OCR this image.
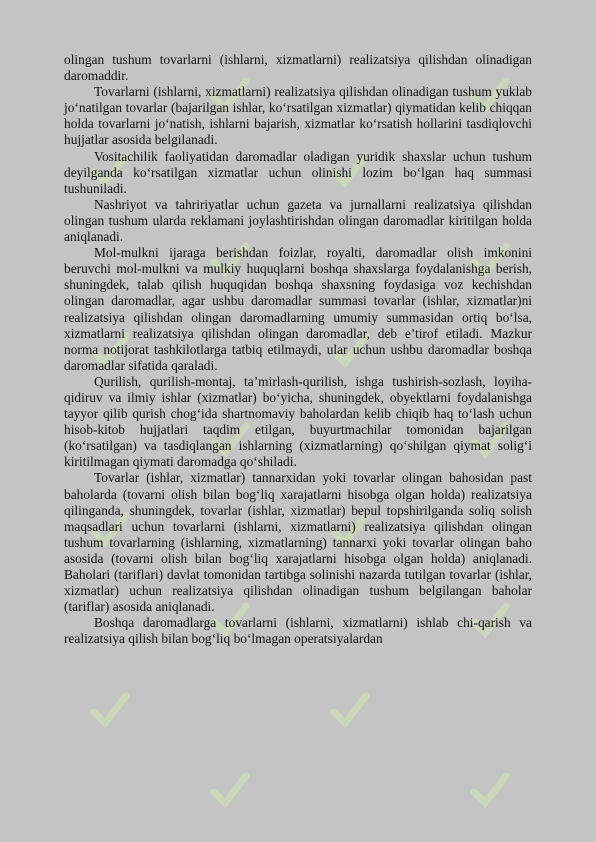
olingan tushum tovarlarni (ishlarni, xizmatlarni) realizatsiya qilishdan olinadigan daromaddir.

Tovarlarni (ishlarni, xizmatlarni) realizatsiya qilishdan olinadigan tushum yuklab jo‘natilgan tovarlar (bajarilgan ishlar, ko‘rsatilgan xizmatlar) qiymatidan kelib chiqqan holda tovarlarni jo‘natish, ishlarni bajarish, xizmatlar ko‘rsatish hollarini tasdiqlovchi hujjatlar asosida belgilanadi.

Vositachilik faoliyatidan daromadlar oladigan yuridik shaxslar uchun tushum deyilganda ko‘rsatilgan xizmatlar uchun olinishi lozim bo‘lgan haq summasi tushuniladi.

Nashriyot va tahririyatlar uchun gazeta va jurnallarni realizatsiya qilishdan olingan tushum ularda reklamani joylashtirishdan olingan daromadlar kiritilgan holda aniqlanadi.

Mol-mulkni ijaraga berishdan foizlar, royalti, daromadlar olish imkonini beruvchi mol-mulkni va mulkiy huquqlarni boshqa shaxslarga foydalanishga berish, shuningdek, talab qilish huquqidan boshqa shaxsning foydasiga voz kechishdan olingan daromadlar, agar ushbu daromadlar summasi tovarlar (ishlar, xizmatlar)ni realizatsiya qilishdan olingan daromadlarning umumiy summasidan ortiq bo‘lsa, xizmatlarni realizatsiya qilishdan olingan daromadlar, deb e’tirof etiladi. Mazkur norma notijorat tashkilotlarga tatbiq etilmaydi, ular uchun ushbu daromadlar boshqa daromadlar sifatida qaraladi.

Qurilish, qurilish-montaj, ta’mirlash-qurilish, ishga tushirish-sozlash, loyiha-qidiruv va ilmiy ishlar (xizmatlar) bo‘yicha, shuningdek, obyektlarni foydalanishga tayyor qilib qurish chog‘ida shartnomaviy baholardan kelib chiqib haq to‘lash uchun hisob-kitob hujjatlari taqdim etilgan, buyurtmachilar tomonidan bajarilgan (ko‘rsatilgan) va tasdiqlangan ishlarning (xizmatlarning) qo‘shilgan qiymat solig‘i kiritilmagan qiymati daromadga qo‘shiladi.

Tovarlar (ishlar, xizmatlar) tannarxidan yoki tovarlar olingan bahosidan past baholarda (tovarni olish bilan bog‘liq xarajatlarni hisobga olgan holda) realizatsiya qilinganda, shuningdek, tovarlar (ishlar, xizmatlar) bepul topshirilganda soliq solish maqsadlari uchun tovarlarni (ishlarni, xizmatlarni) realizatsiya qilishdan olingan tushum tovarlarning (ishlarning, xizmatlarning) tannarxi yoki tovarlar olingan baho asosida (tovarni olish bilan bog‘liq xarajatlarni hisobga olgan holda) aniqlanadi. Baholari (tariflari) davlat tomonidan tartibga solinishi nazarda tutilgan tovarlar (ishlar, xizmatlar) uchun realizatsiya qilishdan olinadigan tushum belgilangan baholar (tariflar) asosida aniqlanadi.

Boshqa daromadlarga tovarlarni (ishlarni, xizmatlarni) ishlab chi-qarish va realizatsiya qilish bilan bog‘liq bo‘lmagan operatsiyalardan
